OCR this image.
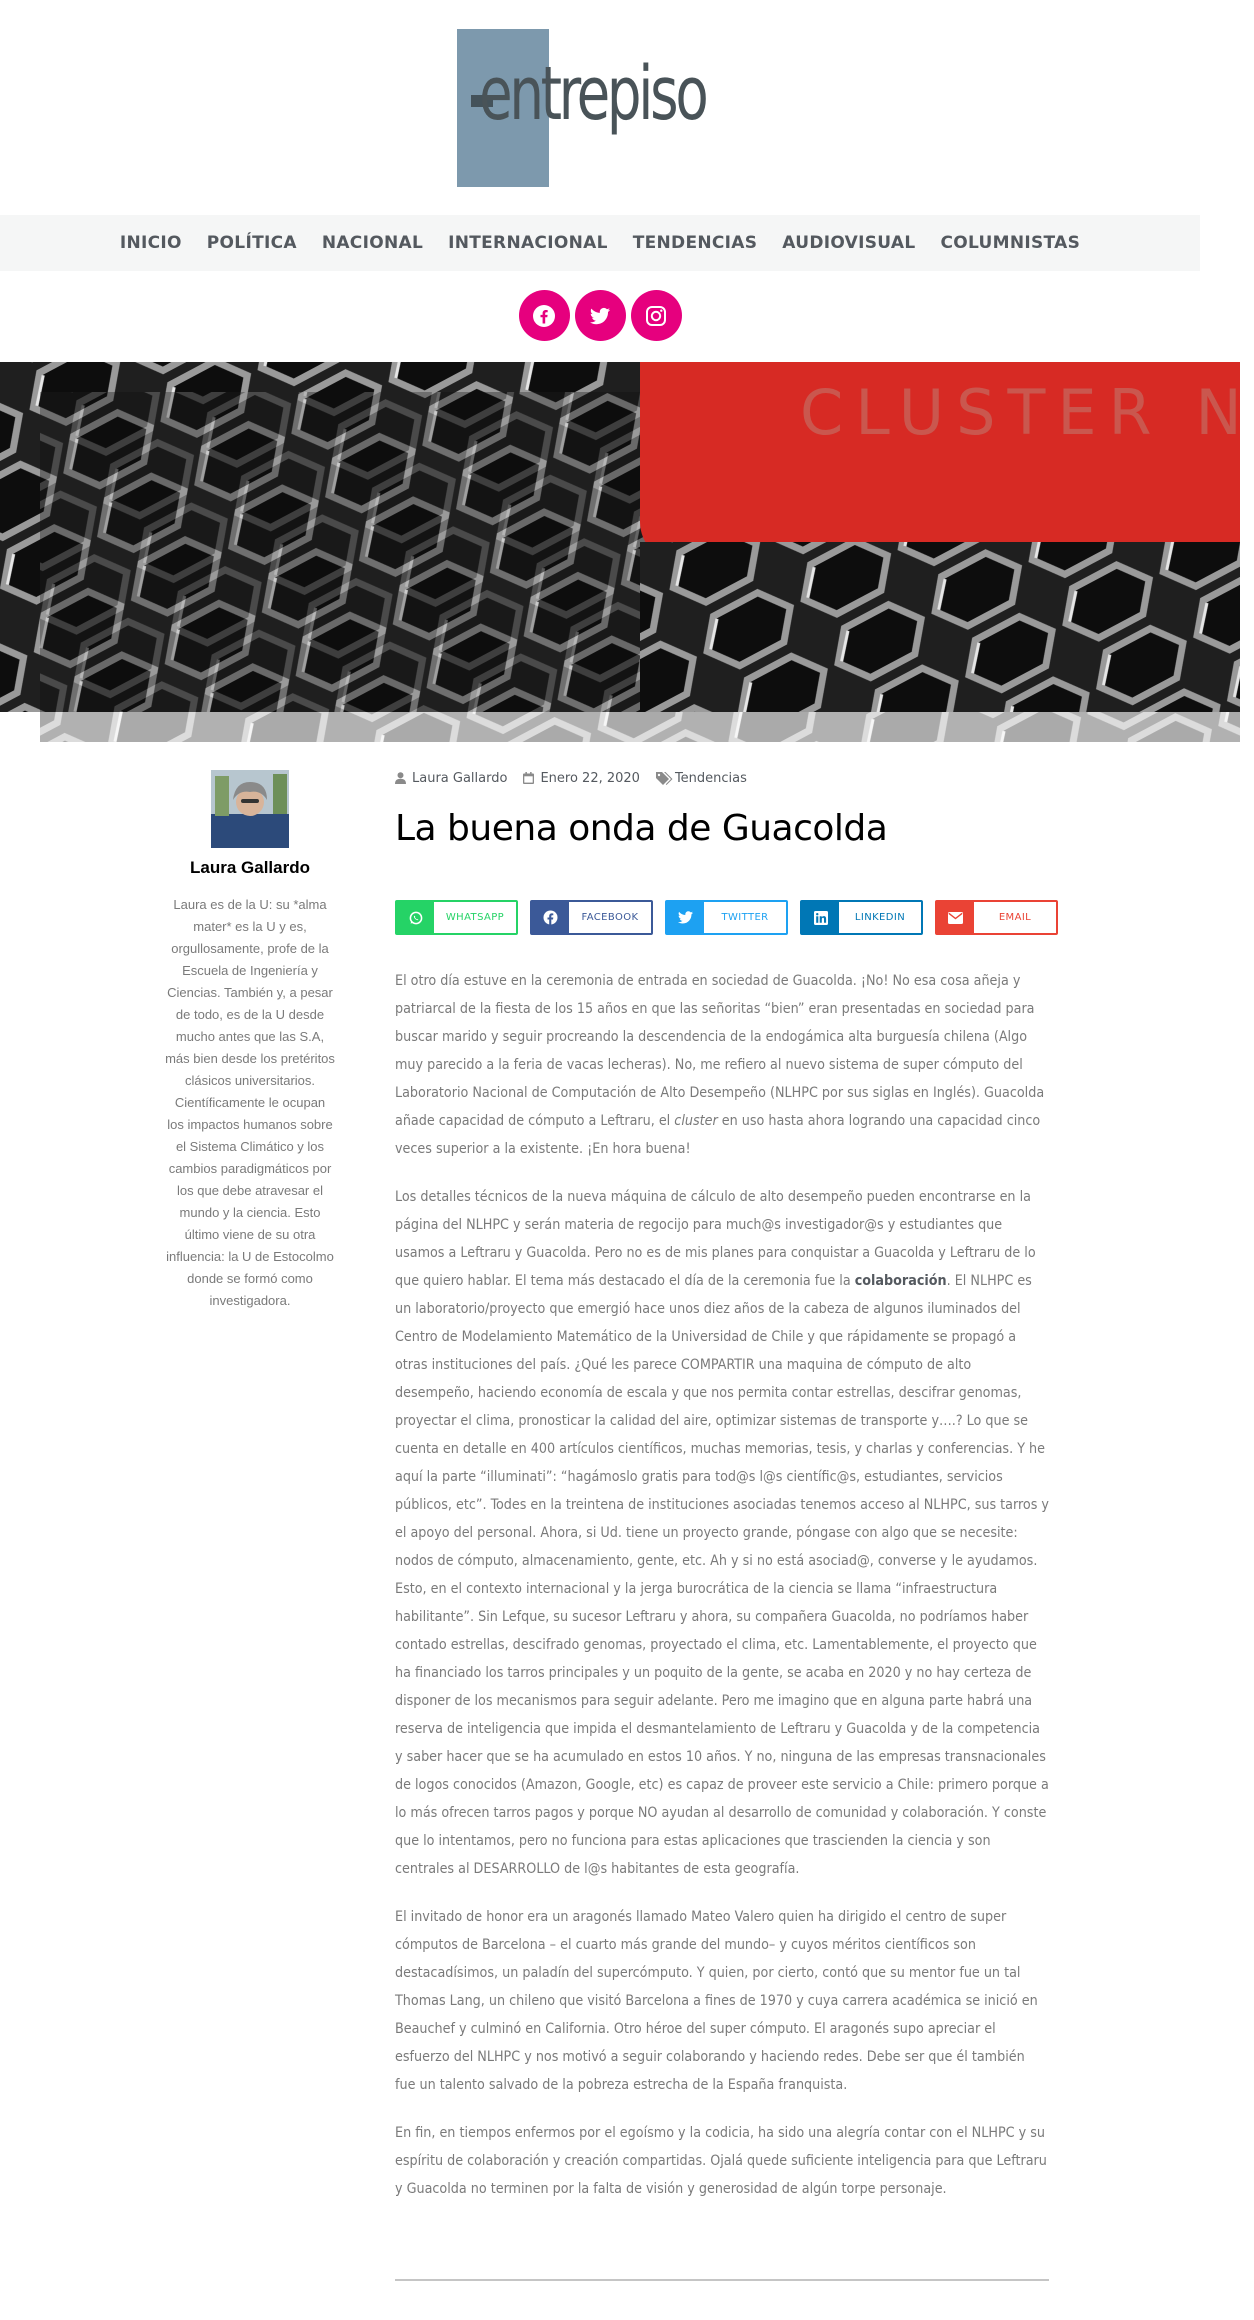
entrepiso
INICIO POLÍTICA NACIONAL INTERNACIONAL TENDENCIAS AUDIOVISUAL COLUMNISTAS
CLUSTER N
Laura Gallardo

Laura es de la U: su *alma mater* es la U y es, orgullosamente, profe de la Escuela de Ingeniería y Ciencias. También y, a pesar de todo, es de la U desde mucho antes que las S.A, más bien desde los pretéritos clásicos universitarios. Científicamente le ocupan los impactos humanos sobre el Sistema Climático y los cambios paradigmáticos por los que debe atravesar el mundo y la ciencia. Esto último viene de su otra influencia: la U de Estocolmo donde se formó como investigadora.

Laura Gallardo	Enero 22, 2020	Tendencias
La buena onda de Guacolda
WHATSAPP	FACEBOOK	TWITTER	LINKEDIN	EMAIL

El otro día estuve en la ceremonia de entrada en sociedad de Guacolda. ¡No! No esa cosa añeja y patriarcal de la fiesta de los 15 años en que las señoritas “bien” eran presentadas en sociedad para buscar marido y seguir procreando la descendencia de la endogámica alta burguesía chilena (Algo muy parecido a la feria de vacas lecheras). No, me refiero al nuevo sistema de super cómputo del Laboratorio Nacional de Computación de Alto Desempeño (NLHPC por sus siglas en Inglés). Guacolda añade capacidad de cómputo a Leftraru, el cluster en uso hasta ahora logrando una capacidad cinco veces superior a la existente. ¡En hora buena!

Los detalles técnicos de la nueva máquina de cálculo de alto desempeño pueden encontrarse en la página del NLHPC y serán materia de regocijo para much@s investigador@s y estudiantes que usamos a Leftraru y Guacolda. Pero no es de mis planes para conquistar a Guacolda y Leftraru de lo que quiero hablar. El tema más destacado el día de la ceremonia fue la colaboración. El NLHPC es un laboratorio/proyecto que emergió hace unos diez años de la cabeza de algunos iluminados del Centro de Modelamiento Matemático de la Universidad de Chile y que rápidamente se propagó a otras instituciones del país. ¿Qué les parece COMPARTIR una maquina de cómputo de alto desempeño, haciendo economía de escala y que nos permita contar estrellas, descifrar genomas, proyectar el clima, pronosticar la calidad del aire, optimizar sistemas de transporte y….? Lo que se cuenta en detalle en 400 artículos científicos, muchas memorias, tesis, y charlas y conferencias. Y he aquí la parte “illuminati”: “hagámoslo gratis para tod@s l@s científic@s, estudiantes, servicios públicos, etc”. Todes en la treintena de instituciones asociadas tenemos acceso al NLHPC, sus tarros y el apoyo del personal. Ahora, si Ud. tiene un proyecto grande, póngase con algo que se necesite: nodos de cómputo, almacenamiento, gente, etc. Ah y si no está asociad@, converse y le ayudamos. Esto, en el contexto internacional y la jerga burocrática de la ciencia se llama “infraestructura habilitante”. Sin Lefque, su sucesor Leftraru y ahora, su compañera Guacolda, no podríamos haber contado estrellas, descifrado genomas, proyectado el clima, etc. Lamentablemente, el proyecto que ha financiado los tarros principales y un poquito de la gente, se acaba en 2020 y no hay certeza de disponer de los mecanismos para seguir adelante. Pero me imagino que en alguna parte habrá una reserva de inteligencia que impida el desmantelamiento de Leftraru y Guacolda y de la competencia y saber hacer que se ha acumulado en estos 10 años. Y no, ninguna de las empresas transnacionales de logos conocidos (Amazon, Google, etc) es capaz de proveer este servicio a Chile: primero porque a lo más ofrecen tarros pagos y porque NO ayudan al desarrollo de comunidad y colaboración. Y conste que lo intentamos, pero no funciona para estas aplicaciones que trascienden la ciencia y son centrales al DESARROLLO de l@s habitantes de esta geografía.

El invitado de honor era un aragonés llamado Mateo Valero quien ha dirigido el centro de super cómputos de Barcelona – el cuarto más grande del mundo– y cuyos méritos científicos son destacadísimos, un paladín del supercómputo. Y quien, por cierto, contó que su mentor fue un tal Thomas Lang, un chileno que visitó Barcelona a fines de 1970 y cuya carrera académica se inició en Beauchef y culminó en California. Otro héroe del super cómputo. El aragonés supo apreciar el esfuerzo del NLHPC y nos motivó a seguir colaborando y haciendo redes. Debe ser que él también fue un talento salvado de la pobreza estrecha de la España franquista.

En fin, en tiempos enfermos por el egoísmo y la codicia, ha sido una alegría contar con el NLHPC y su espíritu de colaboración y creación compartidas. Ojalá quede suficiente inteligencia para que Leftraru y Guacolda no terminen por la falta de visión y generosidad de algún torpe personaje.
